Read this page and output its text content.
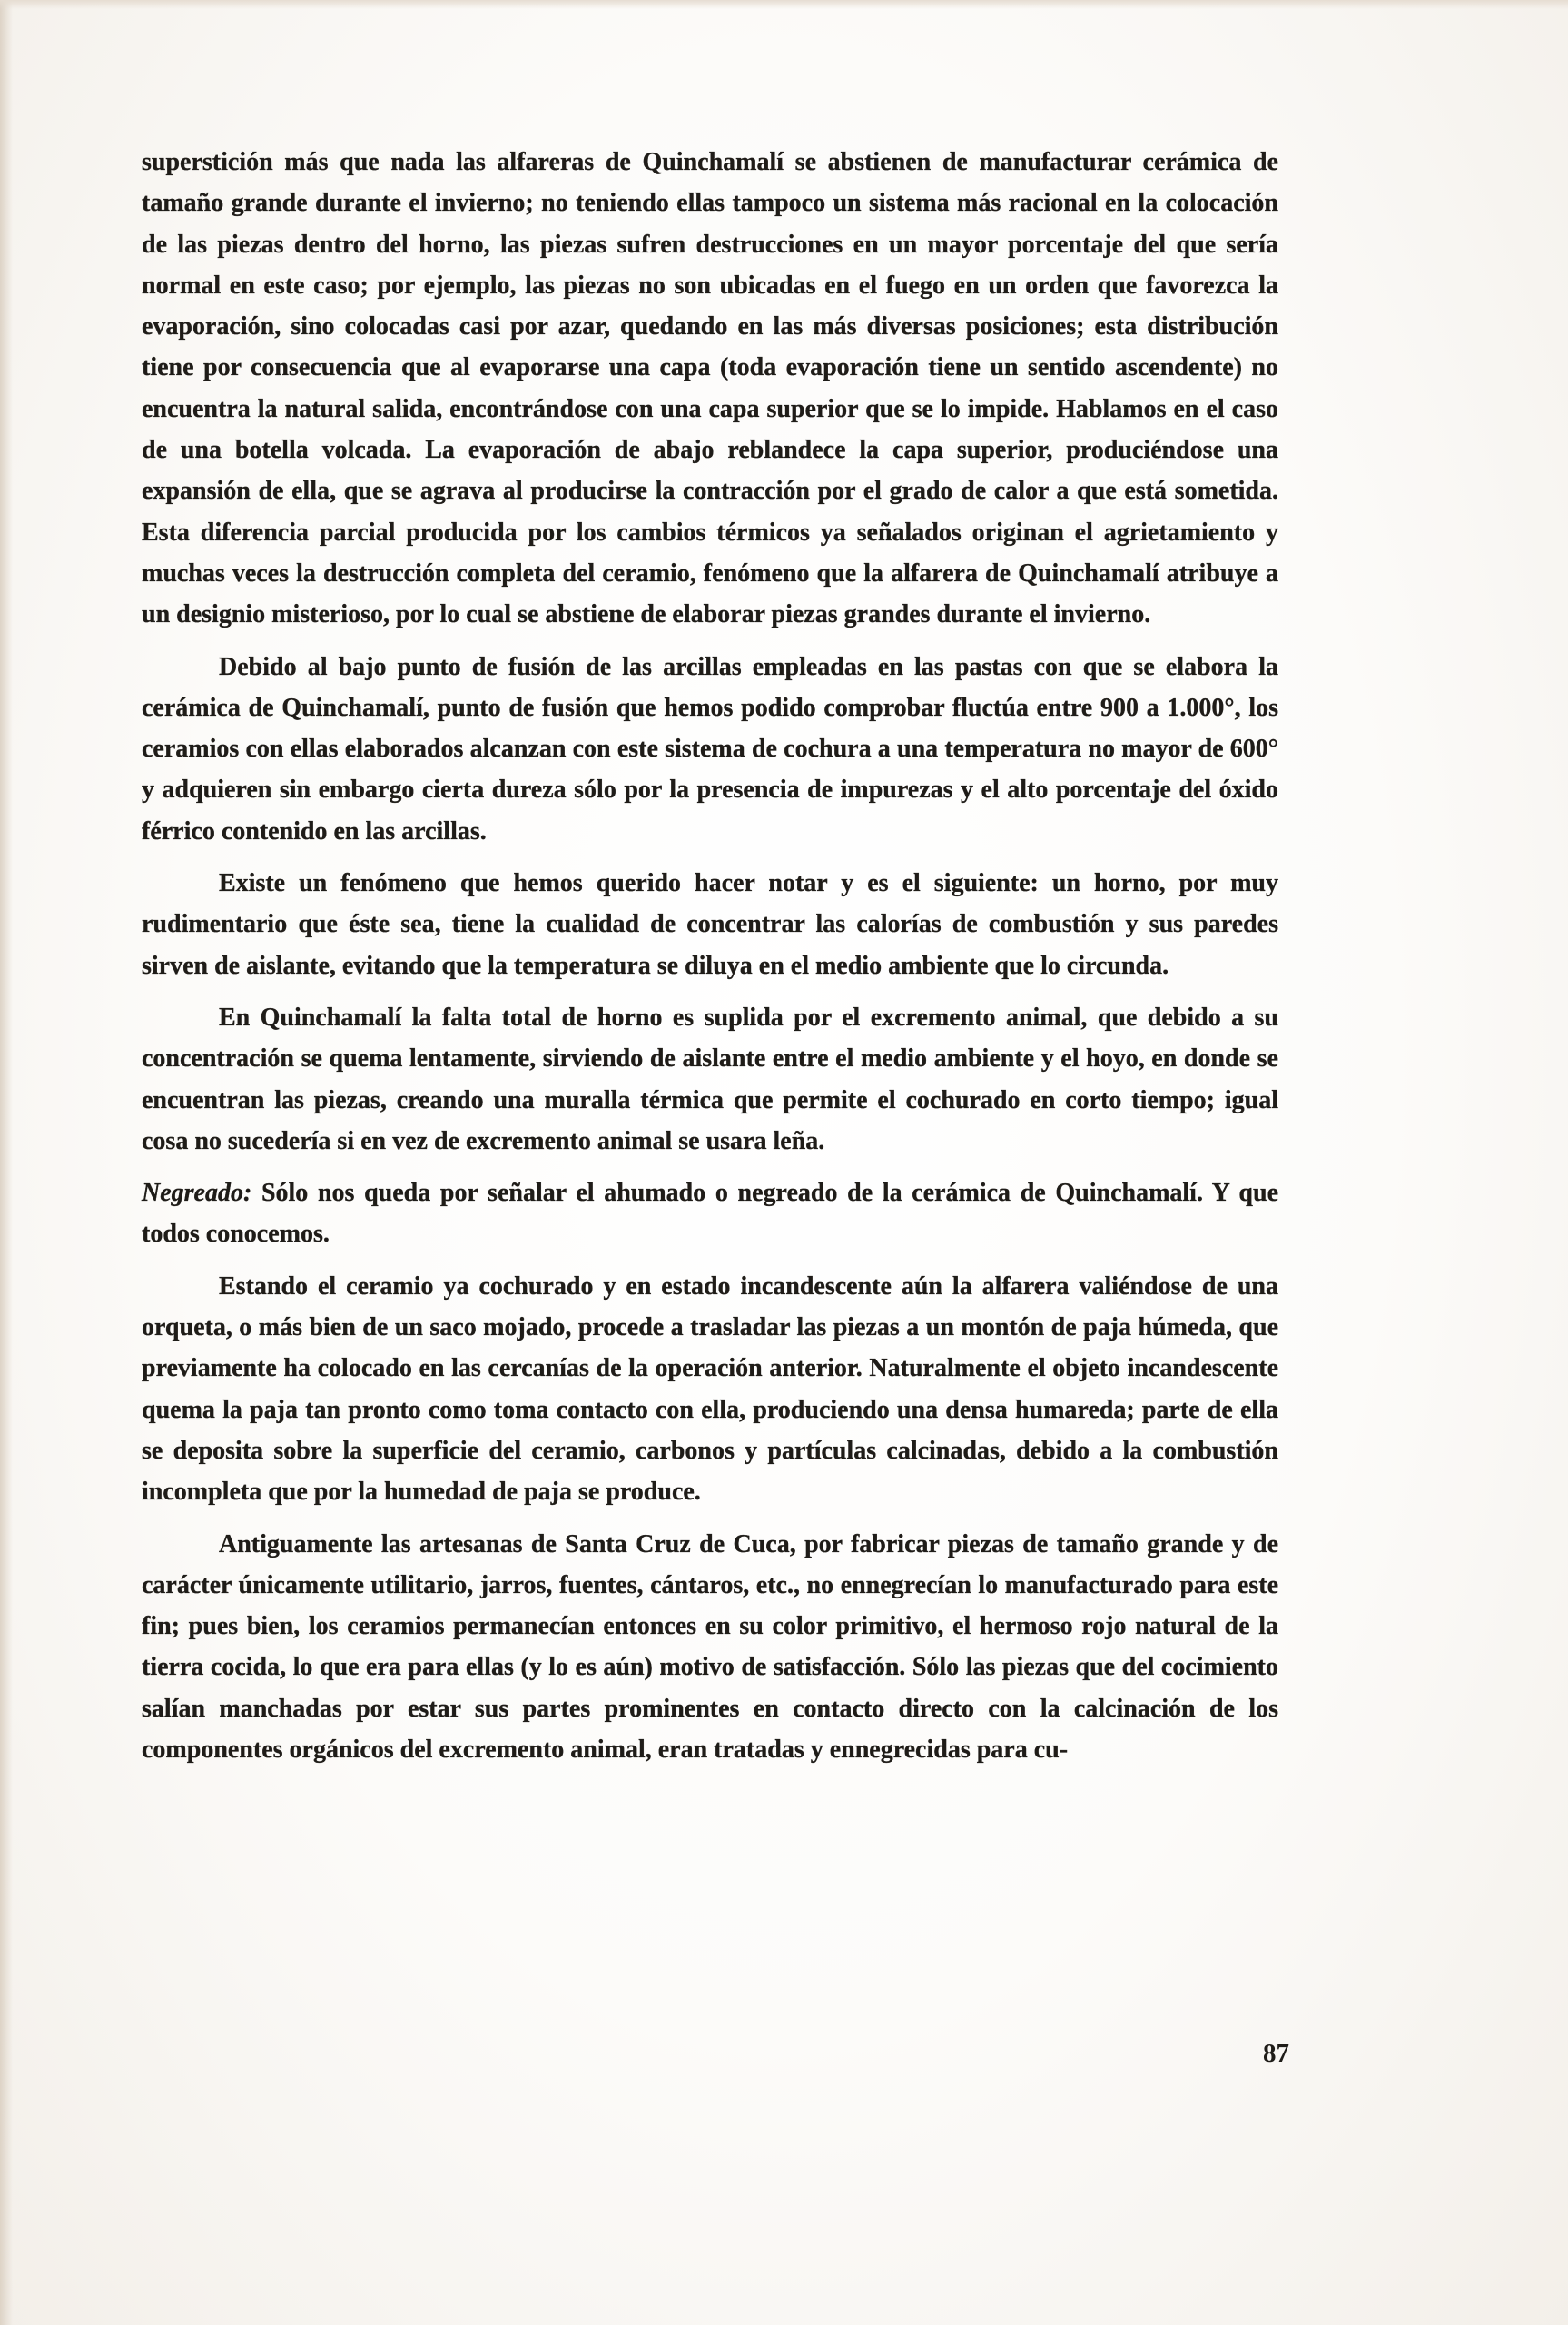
superstición más que nada las alfareras de Quinchamalí se abstienen de manufacturar cerámica de tamaño grande durante el invierno; no teniendo ellas tampoco un sistema más racional en la colocación de las piezas dentro del horno, las piezas sufren destrucciones en un mayor porcentaje del que sería normal en este caso; por ejemplo, las piezas no son ubicadas en el fuego en un orden que favorezca la evaporación, sino colocadas casi por azar, quedando en las más diversas posiciones; esta distribución tiene por consecuencia que al evaporarse una capa (toda evaporación tiene un sentido ascendente) no encuentra la natural salida, encontrándose con una capa superior que se lo impide. Hablamos en el caso de una botella volcada. La evaporación de abajo reblandece la capa superior, produciéndose una expansión de ella, que se agrava al producirse la contracción por el grado de calor a que está sometida. Esta diferencia parcial producida por los cambios térmicos ya señalados originan el agrietamiento y muchas veces la destrucción completa del ceramio, fenómeno que la alfarera de Quinchamalí atribuye a un designio misterioso, por lo cual se abstiene de elaborar piezas grandes durante el invierno.

Debido al bajo punto de fusión de las arcillas empleadas en las pastas con que se elabora la cerámica de Quinchamalí, punto de fusión que hemos podido comprobar fluctúa entre 900 a 1.000°, los ceramios con ellas elaborados alcanzan con este sistema de cochura a una temperatura no mayor de 600° y adquieren sin embargo cierta dureza sólo por la presencia de impurezas y el alto porcentaje del óxido férrico contenido en las arcillas.

Existe un fenómeno que hemos querido hacer notar y es el siguiente: un horno, por muy rudimentario que éste sea, tiene la cualidad de concentrar las calorías de combustión y sus paredes sirven de aislante, evitando que la temperatura se diluya en el medio ambiente que lo circunda.

En Quinchamalí la falta total de horno es suplida por el excremento animal, que debido a su concentración se quema lentamente, sirviendo de aislante entre el medio ambiente y el hoyo, en donde se encuentran las piezas, creando una muralla térmica que permite el cochurado en corto tiempo; igual cosa no sucedería si en vez de excremento animal se usara leña.

Negreado: Sólo nos queda por señalar el ahumado o negreado de la cerámica de Quinchamalí. Y que todos conocemos.

Estando el ceramio ya cochurado y en estado incandescente aún la alfarera valiéndose de una orqueta, o más bien de un saco mojado, procede a trasladar las piezas a un montón de paja húmeda, que previamente ha colocado en las cercanías de la operación anterior. Naturalmente el objeto incandescente quema la paja tan pronto como toma contacto con ella, produciendo una densa humareda; parte de ella se deposita sobre la superficie del ceramio, carbonos y partículas calcinadas, debido a la combustión incompleta que por la humedad de paja se produce.

Antiguamente las artesanas de Santa Cruz de Cuca, por fabricar piezas de tamaño grande y de carácter únicamente utilitario, jarros, fuentes, cántaros, etc., no ennegrecían lo manufacturado para este fin; pues bien, los ceramios permanecían entonces en su color primitivo, el hermoso rojo natural de la tierra cocida, lo que era para ellas (y lo es aún) motivo de satisfacción. Sólo las piezas que del cocimiento salían manchadas por estar sus partes prominentes en contacto directo con la calcinación de los componentes orgánicos del excremento animal, eran tratadas y ennegrecidas para cu-

87
